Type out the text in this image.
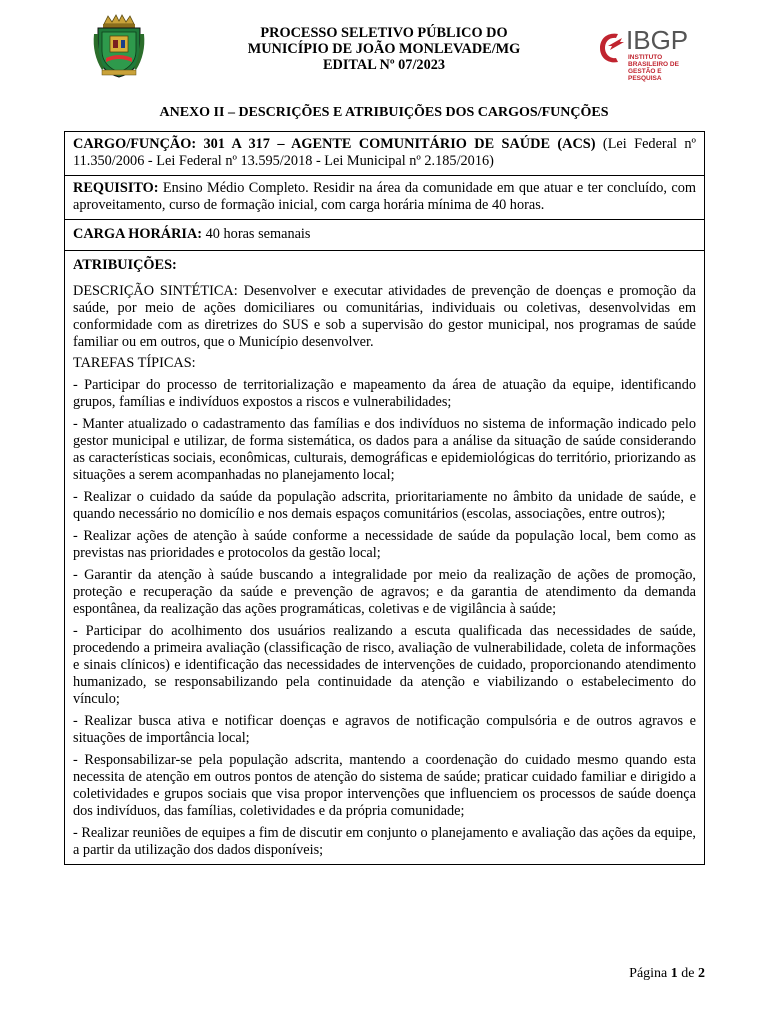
PROCESSO SELETIVO PÚBLICO DO
MUNICÍPIO DE JOÃO MONLEVADE/MG
EDITAL Nº 07/2023
IBGP
INSTITUTO BRASILEIRO DE GESTÃO E PESQUISA
ANEXO II – DESCRIÇÕES E ATRIBUIÇÕES DOS CARGOS/FUNÇÕES

CARGO/FUNÇÃO: 301 A 317 – AGENTE COMUNITÁRIO DE SAÚDE (ACS) (Lei Federal nº 11.350/2006 - Lei Federal nº 13.595/2018 - Lei Municipal nº 2.185/2016)

REQUISITO: Ensino Médio Completo. Residir na área da comunidade em que atuar e ter concluído, com aproveitamento, curso de formação inicial, com carga horária mínima de 40 horas.

CARGA HORÁRIA: 40 horas semanais

ATRIBUIÇÕES:

DESCRIÇÃO SINTÉTICA: Desenvolver e executar atividades de prevenção de doenças e promoção da saúde, por meio de ações domiciliares ou comunitárias, individuais ou coletivas, desenvolvidas em conformidade com as diretrizes do SUS e sob a supervisão do gestor municipal, nos programas de saúde familiar ou em outros, que o Município desenvolver.

TAREFAS TÍPICAS:

- Participar do processo de territorialização e mapeamento da área de atuação da equipe, identificando grupos, famílias e indivíduos expostos a riscos e vulnerabilidades;

- Manter atualizado o cadastramento das famílias e dos indivíduos no sistema de informação indicado pelo gestor municipal e utilizar, de forma sistemática, os dados para a análise da situação de saúde considerando as características sociais, econômicas, culturais, demográficas e epidemiológicas do território, priorizando as situações a serem acompanhadas no planejamento local;

- Realizar o cuidado da saúde da população adscrita, prioritariamente no âmbito da unidade de saúde, e quando necessário no domicílio e nos demais espaços comunitários (escolas, associações, entre outros);

- Realizar ações de atenção à saúde conforme a necessidade de saúde da população local, bem como as previstas nas prioridades e protocolos da gestão local;

- Garantir da atenção à saúde buscando a integralidade por meio da realização de ações de promoção, proteção e recuperação da saúde e prevenção de agravos; e da garantia de atendimento da demanda espontânea, da realização das ações programáticas, coletivas e de vigilância à saúde;

- Participar do acolhimento dos usuários realizando a escuta qualificada das necessidades de saúde, procedendo a primeira avaliação (classificação de risco, avaliação de vulnerabilidade, coleta de informações e sinais clínicos) e identificação das necessidades de intervenções de cuidado, proporcionando atendimento humanizado, se responsabilizando pela continuidade da atenção e viabilizando o estabelecimento do vínculo;

- Realizar busca ativa e notificar doenças e agravos de notificação compulsória e de outros agravos e situações de importância local;

- Responsabilizar-se pela população adscrita, mantendo a coordenação do cuidado mesmo quando esta necessita de atenção em outros pontos de atenção do sistema de saúde; praticar cuidado familiar e dirigido a coletividades e grupos sociais que visa propor intervenções que influenciem os processos de saúde doença dos indivíduos, das famílias, coletividades e da própria comunidade;

- Realizar reuniões de equipes a fim de discutir em conjunto o planejamento e avaliação das ações da equipe, a partir da utilização dos dados disponíveis;

Página 1 de 2
